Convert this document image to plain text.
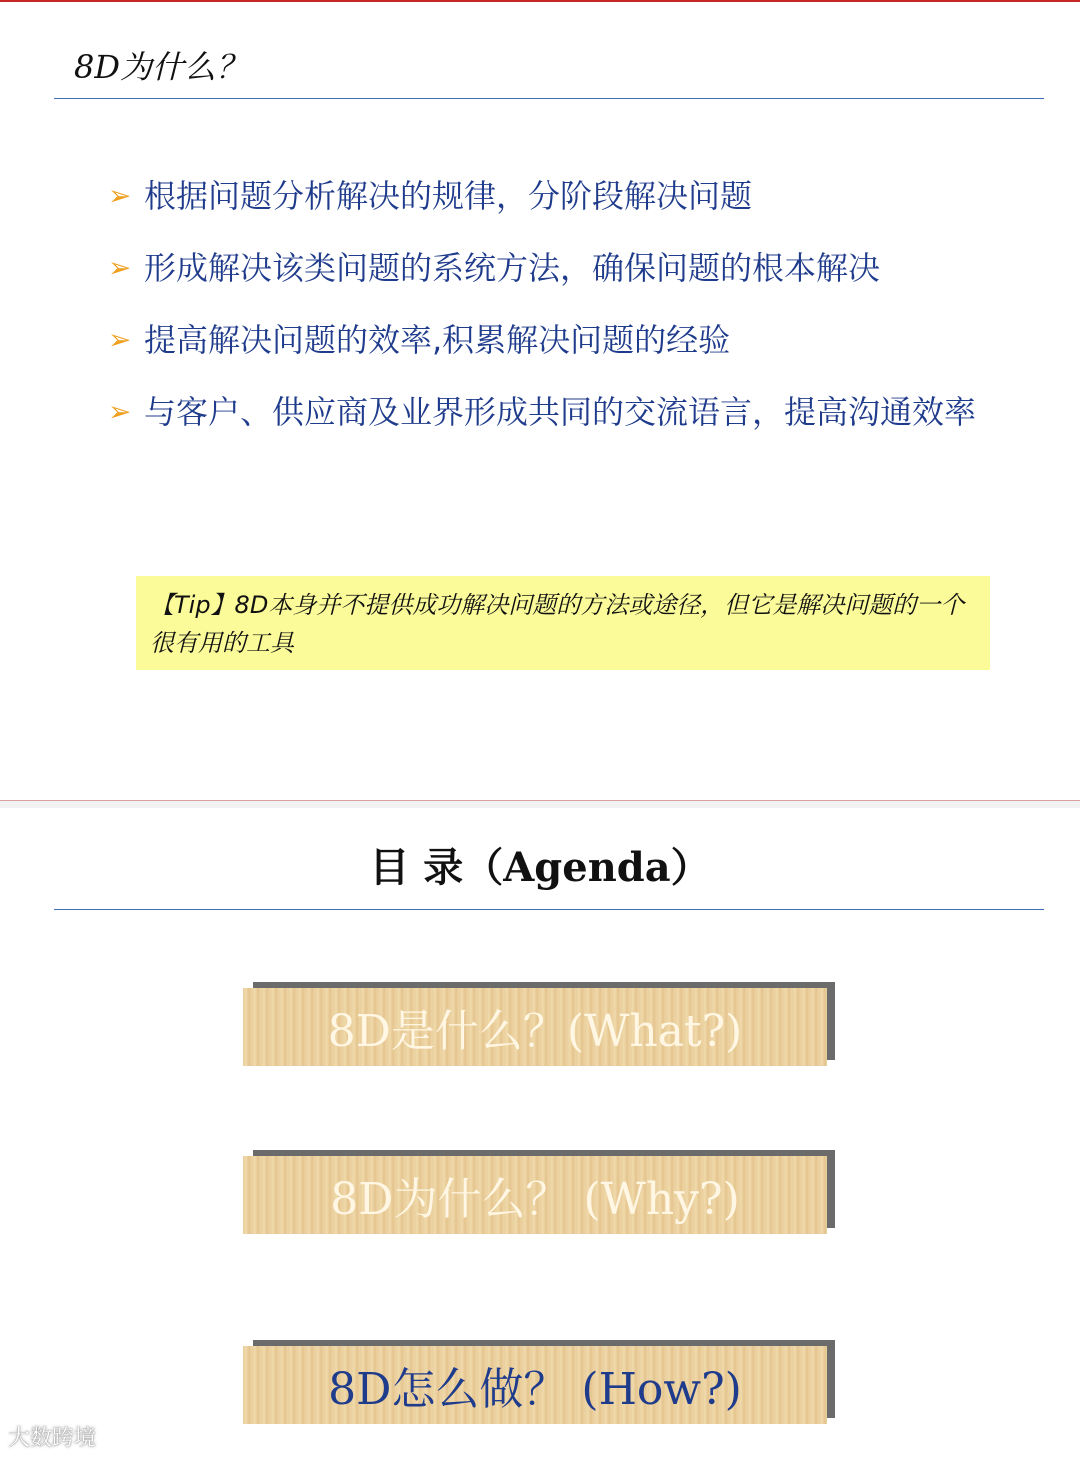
8D为什么？
➢ 根据问题分析解决的规律，分阶段解决问题
➢ 形成解决该类问题的系统方法，确保问题的根本解决
➢ 提高解决问题的效率,积累解决问题的经验
➢ 与客户、供应商及业界形成共同的交流语言，提高沟通效率
【Tip】8D本身并不提供成功解决问题的方法或途径，但它是解决问题的一个很有用的工具
目 录（Agenda）
8D是什么？(What?)
8D为什么？ (Why?)
8D怎么做？ (How?)
大数跨境
